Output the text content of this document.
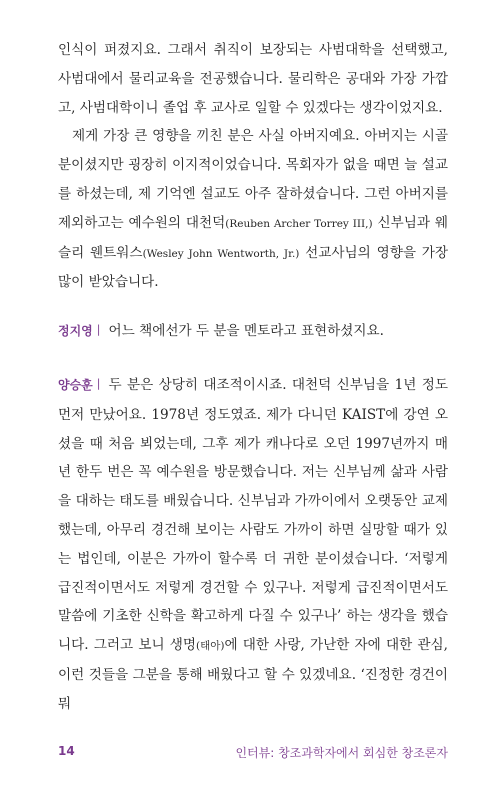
인식이 퍼졌지요. 그래서 취직이 보장되는 사범대학을 선택했고, 사범대에서 물리교육을 전공했습니다. 물리학은 공대와 가장 가깝고, 사범대학이니 졸업 후 교사로 일할 수 있겠다는 생각이었지요.

제게 가장 큰 영향을 끼친 분은 사실 아버지예요. 아버지는 시골 분이셨지만 굉장히 이지적이었습니다. 목회자가 없을 때면 늘 설교를 하셨는데, 제 기억엔 설교도 아주 잘하셨습니다. 그런 아버지를 제외하고는 예수원의 대천덕(Reuben Archer Torrey III,) 신부님과 웨슬리 웬트워스(Wesley John Wentworth, Jr.) 선교사님의 영향을 가장 많이 받았습니다.

정지영 | 어느 책에선가 두 분을 멘토라고 표현하셨지요.

양승훈 | 두 분은 상당히 대조적이시죠. 대천덕 신부님을 1년 정도 먼저 만났어요. 1978년 정도였죠. 제가 다니던 KAIST에 강연 오셨을 때 처음 뵈었는데, 그후 제가 캐나다로 오던 1997년까지 매년 한두 번은 꼭 예수원을 방문했습니다. 저는 신부님께 삶과 사람을 대하는 태도를 배웠습니다. 신부님과 가까이에서 오랫동안 교제했는데, 아무리 경건해 보이는 사람도 가까이 하면 실망할 때가 있는 법인데, 이분은 가까이 할수록 더 귀한 분이셨습니다. ‘저렇게 급진적이면서도 저렇게 경건할 수 있구나. 저렇게 급진적이면서도 말씀에 기초한 신학을 확고하게 다질 수 있구나’ 하는 생각을 했습니다. 그러고 보니 생명(태아)에 대한 사랑, 가난한 자에 대한 관심, 이런 것들을 그분을 통해 배웠다고 할 수 있겠네요. ‘진정한 경건이 뭐

14	인터뷰: 창조과학자에서 회심한 창조론자
